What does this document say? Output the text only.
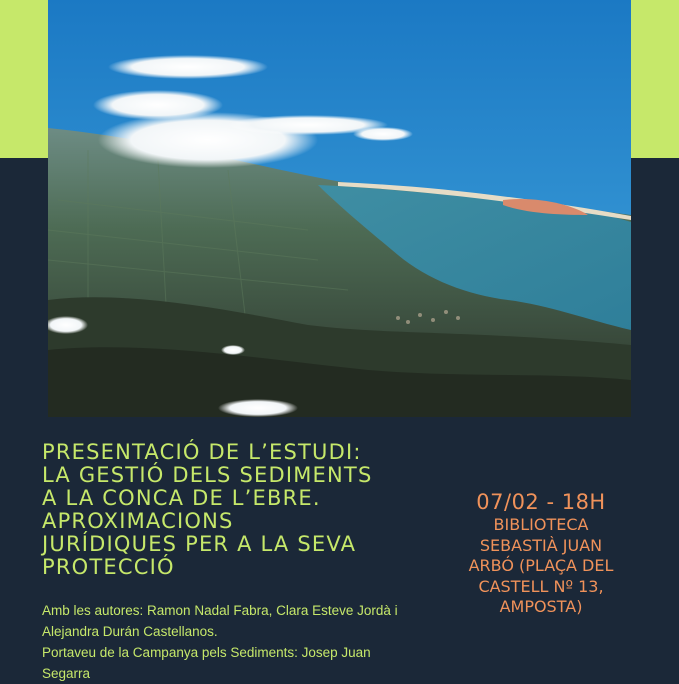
PRESENTACIÓ DE L’ESTUDI:
LA GESTIÓ DELS SEDIMENTS
A LA CONCA DE L’EBRE.
APROXIMACIONS
JURÍDIQUES PER A LA SEVA
PROTECCIÓ
07/02 - 18H
BIBLIOTECA
SEBASTIÀ JUAN
ARBÓ (PLAÇA DEL
CASTELL Nº 13,
AMPOSTA)
Amb les autores: Ramon Nadal Fabra, Clara Esteve Jordà i
Alejandra Durán Castellanos.
Portaveu de la Campanya pels Sediments: Josep Juan
Segarra
